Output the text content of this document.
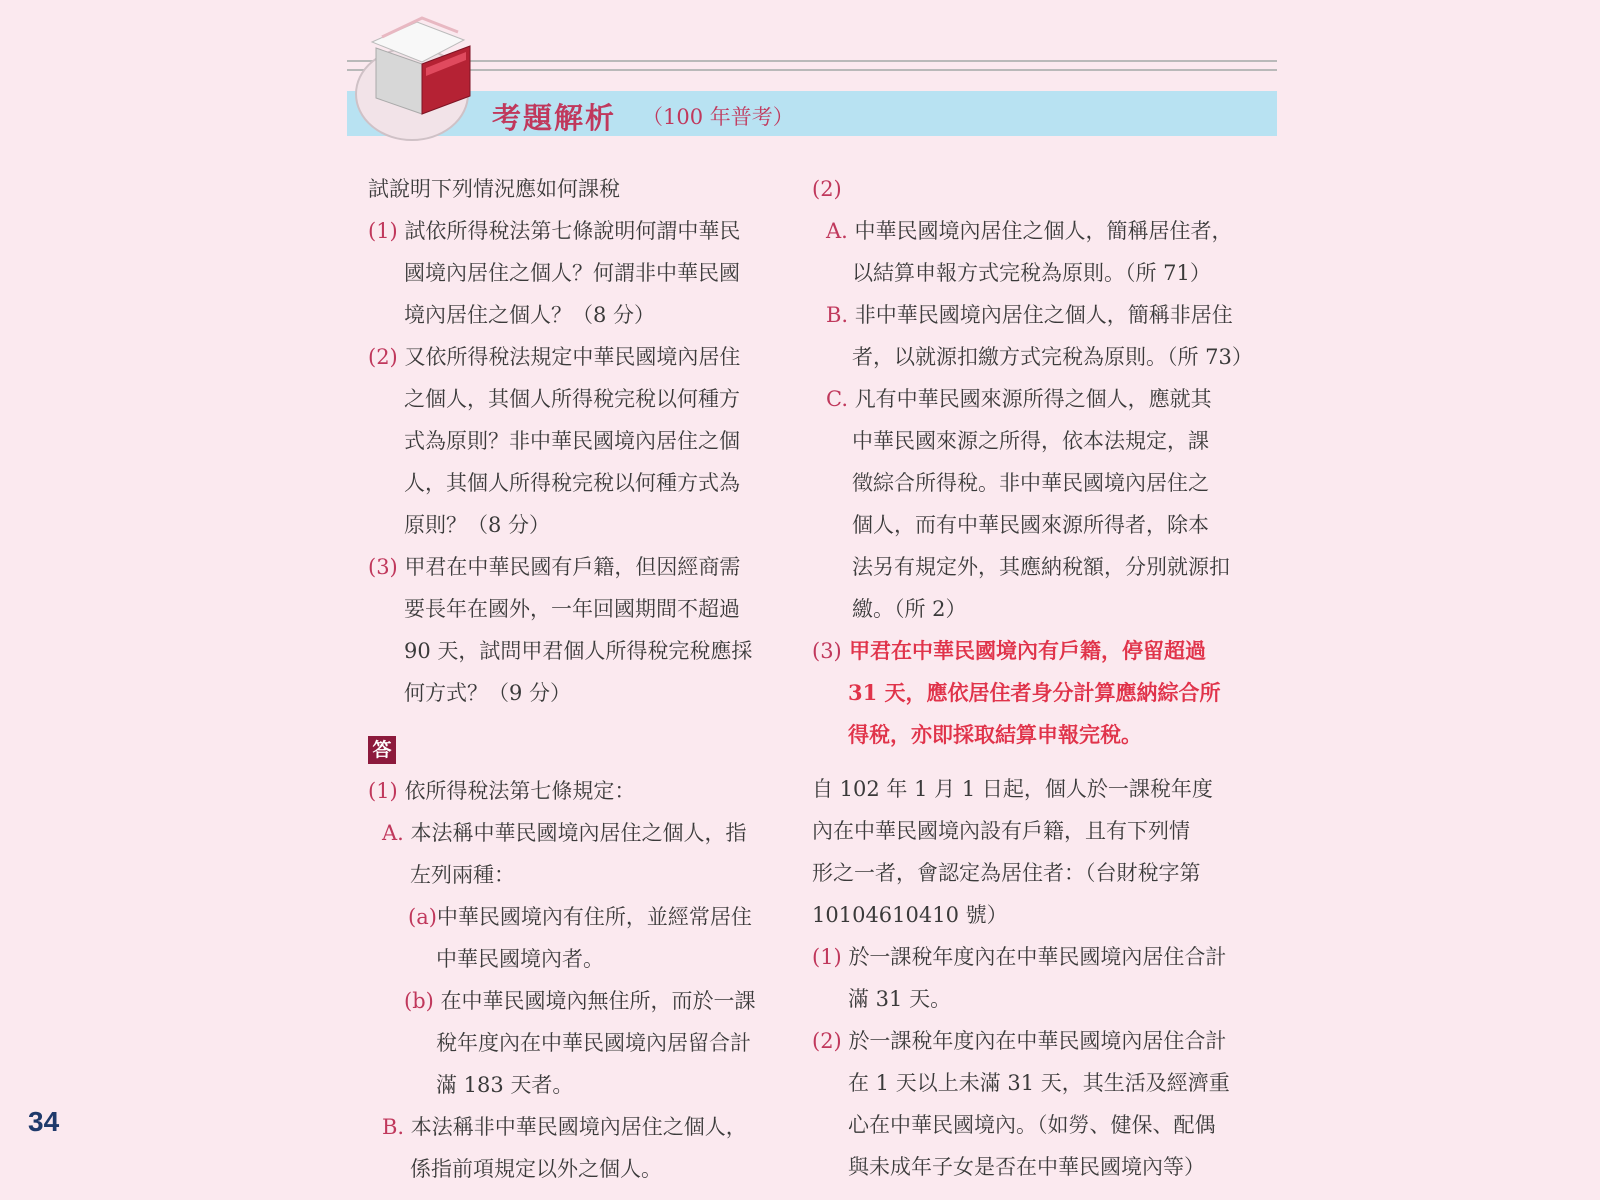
考題解析 （100 年普考）
試說明下列情況應如何課稅
(1) 試依所得稅法第七條說明何謂中華民
國境內居住之個人？何謂非中華民國
境內居住之個人？（8 分）
(2) 又依所得稅法規定中華民國境內居住
之個人，其個人所得稅完稅以何種方
式為原則？非中華民國境內居住之個
人，其個人所得稅完稅以何種方式為
原則？（8 分）
(3) 甲君在中華民國有戶籍，但因經商需
要長年在國外，一年回國期間不超過
90 天，試問甲君個人所得稅完稅應採
何方式？（9 分）
答
(1) 依所得稅法第七條規定：
A. 本法稱中華民國境內居住之個人，指
左列兩種：
(a)中華民國境內有住所，並經常居住
中華民國境內者。
(b) 在中華民國境內無住所，而於一課
稅年度內在中華民國境內居留合計
滿 183 天者。
B. 本法稱非中華民國境內居住之個人，
係指前項規定以外之個人。
(2)
A. 中華民國境內居住之個人，簡稱居住者，
以結算申報方式完稅為原則。（所 71）
B. 非中華民國境內居住之個人，簡稱非居住
者，以就源扣繳方式完稅為原則。（所 73）
C. 凡有中華民國來源所得之個人，應就其
中華民國來源之所得，依本法規定，課
徵綜合所得稅。非中華民國境內居住之
個人，而有中華民國來源所得者，除本
法另有規定外，其應納稅額，分別就源扣
繳。（所 2）
(3) 甲君在中華民國境內有戶籍，停留超過
31 天，應依居住者身分計算應納綜合所
得稅，亦即採取結算申報完稅。
自 102 年 1 月 1 日起，個人於一課稅年度
內在中華民國境內設有戶籍，且有下列情
形之一者，會認定為居住者：（台財稅字第
10104610410 號）
(1) 於一課稅年度內在中華民國境內居住合計
滿 31 天。
(2) 於一課稅年度內在中華民國境內居住合計
在 1 天以上未滿 31 天，其生活及經濟重
心在中華民國境內。（如勞、健保、配偶
與未成年子女是否在中華民國境內等）
34
